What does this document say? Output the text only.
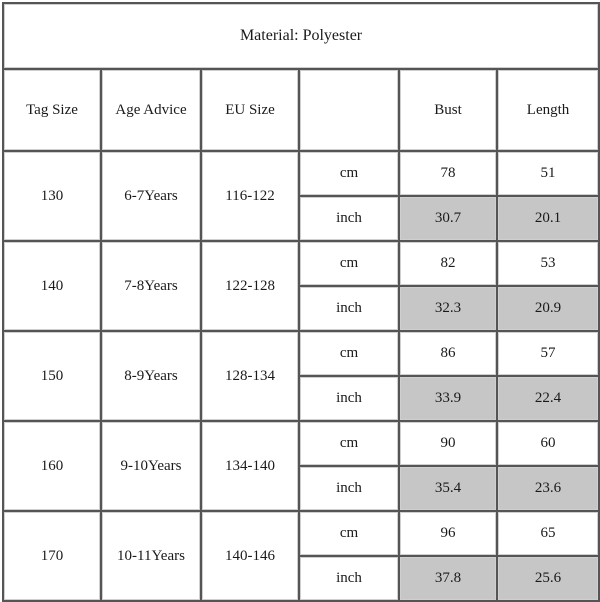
Material: Polyester					
Tag Size	Age Advice	EU Size		Bust	Length
130	6-7Years	116-122	cm	78	51
			inch	30.7	20.1
140	7-8Years	122-128	cm	82	53
			inch	32.3	20.9
150	8-9Years	128-134	cm	86	57
			inch	33.9	22.4
160	9-10Years	134-140	cm	90	60
			inch	35.4	23.6
170	10-11Years	140-146	cm	96	65
			inch	37.8	25.6
